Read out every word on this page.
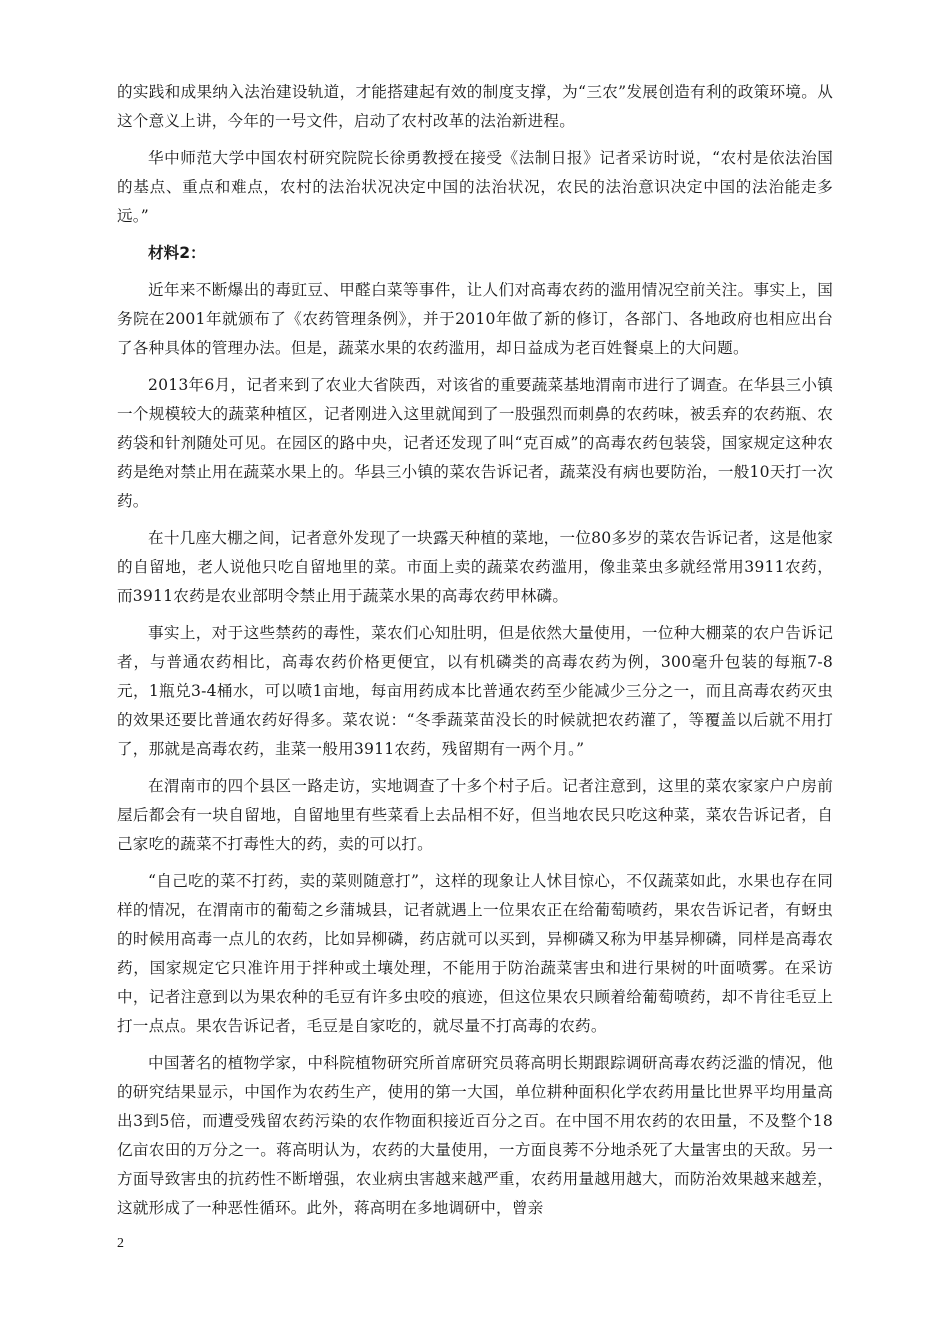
的实践和成果纳入法治建设轨道，才能搭建起有效的制度支撑，为“三农”发展创造有利的政策环境。从这个意义上讲，今年的一号文件，启动了农村改革的法治新进程。

华中师范大学中国农村研究院院长徐勇教授在接受《法制日报》记者采访时说，“农村是依法治国的基点、重点和难点，农村的法治状况决定中国的法治状况，农民的法治意识决定中国的法治能走多远。”

材料2：

近年来不断爆出的毒豇豆、甲醛白菜等事件，让人们对高毒农药的滥用情况空前关注。事实上，国务院在2001年就颁布了《农药管理条例》，并于2010年做了新的修订，各部门、各地政府也相应出台了各种具体的管理办法。但是，蔬菜水果的农药滥用，却日益成为老百姓餐桌上的大问题。

2013年6月，记者来到了农业大省陕西，对该省的重要蔬菜基地渭南市进行了调查。在华县三小镇一个规模较大的蔬菜种植区，记者刚进入这里就闻到了一股强烈而刺鼻的农药味，被丢弃的农药瓶、农药袋和针剂随处可见。在园区的路中央，记者还发现了叫“克百威”的高毒农药包装袋，国家规定这种农药是绝对禁止用在蔬菜水果上的。华县三小镇的菜农告诉记者，蔬菜没有病也要防治，一般10天打一次药。

在十几座大棚之间，记者意外发现了一块露天种植的菜地，一位80多岁的菜农告诉记者，这是他家的自留地，老人说他只吃自留地里的菜。市面上卖的蔬菜农药滥用，像韭菜虫多就经常用3911农药，而3911农药是农业部明令禁止用于蔬菜水果的高毒农药甲林磷。

事实上，对于这些禁药的毒性，菜农们心知肚明，但是依然大量使用，一位种大棚菜的农户告诉记者，与普通农药相比，高毒农药价格更便宜，以有机磷类的高毒农药为例，300毫升包装的每瓶7-8元，1瓶兑3-4桶水，可以喷1亩地，每亩用药成本比普通农药至少能减少三分之一，而且高毒农药灭虫的效果还要比普通农药好得多。菜农说：“冬季蔬菜苗没长的时候就把农药灌了，等覆盖以后就不用打了，那就是高毒农药，韭菜一般用3911农药，残留期有一两个月。”

在渭南市的四个县区一路走访，实地调查了十多个村子后。记者注意到，这里的菜农家家户户房前屋后都会有一块自留地，自留地里有些菜看上去品相不好，但当地农民只吃这种菜，菜农告诉记者，自己家吃的蔬菜不打毒性大的药，卖的可以打。

“自己吃的菜不打药，卖的菜则随意打”，这样的现象让人怵目惊心，不仅蔬菜如此，水果也存在同样的情况，在渭南市的葡萄之乡蒲城县，记者就遇上一位果农正在给葡萄喷药，果农告诉记者，有蚜虫的时候用高毒一点儿的农药，比如异柳磷，药店就可以买到，异柳磷又称为甲基异柳磷，同样是高毒农药，国家规定它只准许用于拌种或土壤处理，不能用于防治蔬菜害虫和进行果树的叶面喷雾。在采访中，记者注意到以为果农种的毛豆有许多虫咬的痕迹，但这位果农只顾着给葡萄喷药，却不肯往毛豆上打一点点。果农告诉记者，毛豆是自家吃的，就尽量不打高毒的农药。

中国著名的植物学家，中科院植物研究所首席研究员蒋高明长期跟踪调研高毒农药泛滥的情况，他的研究结果显示，中国作为农药生产，使用的第一大国，单位耕种面积化学农药用量比世界平均用量高出3到5倍，而遭受残留农药污染的农作物面积接近百分之百。在中国不用农药的农田量，不及整个18亿亩农田的万分之一。蒋高明认为，农药的大量使用，一方面良莠不分地杀死了大量害虫的天敌。另一方面导致害虫的抗药性不断增强，农业病虫害越来越严重，农药用量越用越大，而防治效果越来越差，这就形成了一种恶性循环。此外，蒋高明在多地调研中，曾亲

2
